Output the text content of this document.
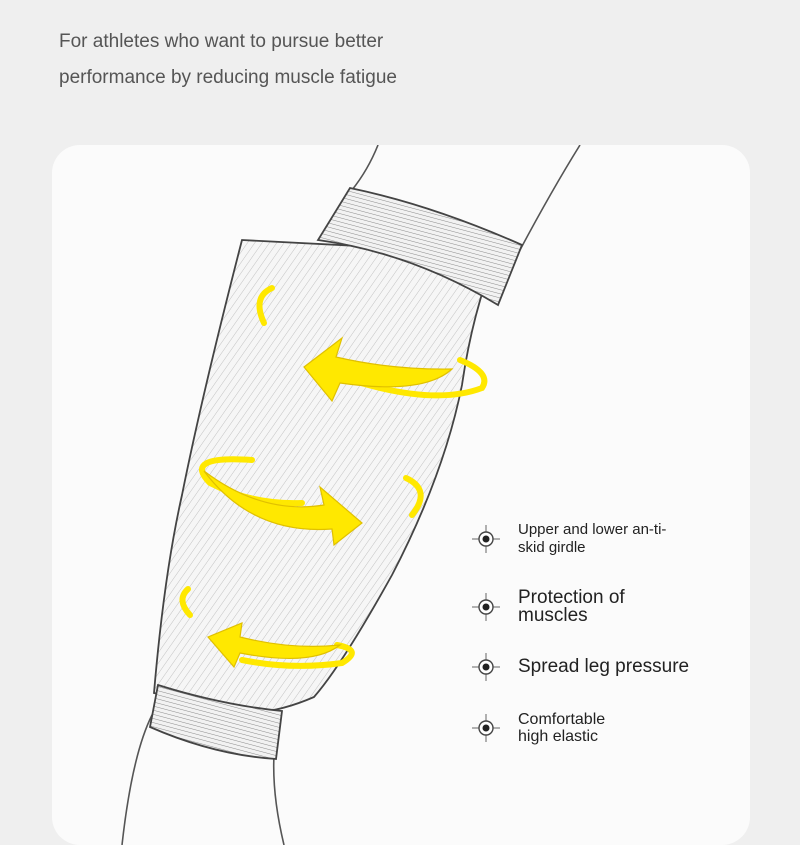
For athletes who want to pursue better
performance by reducing muscle fatigue
Upper and lower an-ti-skid girdle
Protection of muscles
Spread leg pressure
Comfortable high elastic
